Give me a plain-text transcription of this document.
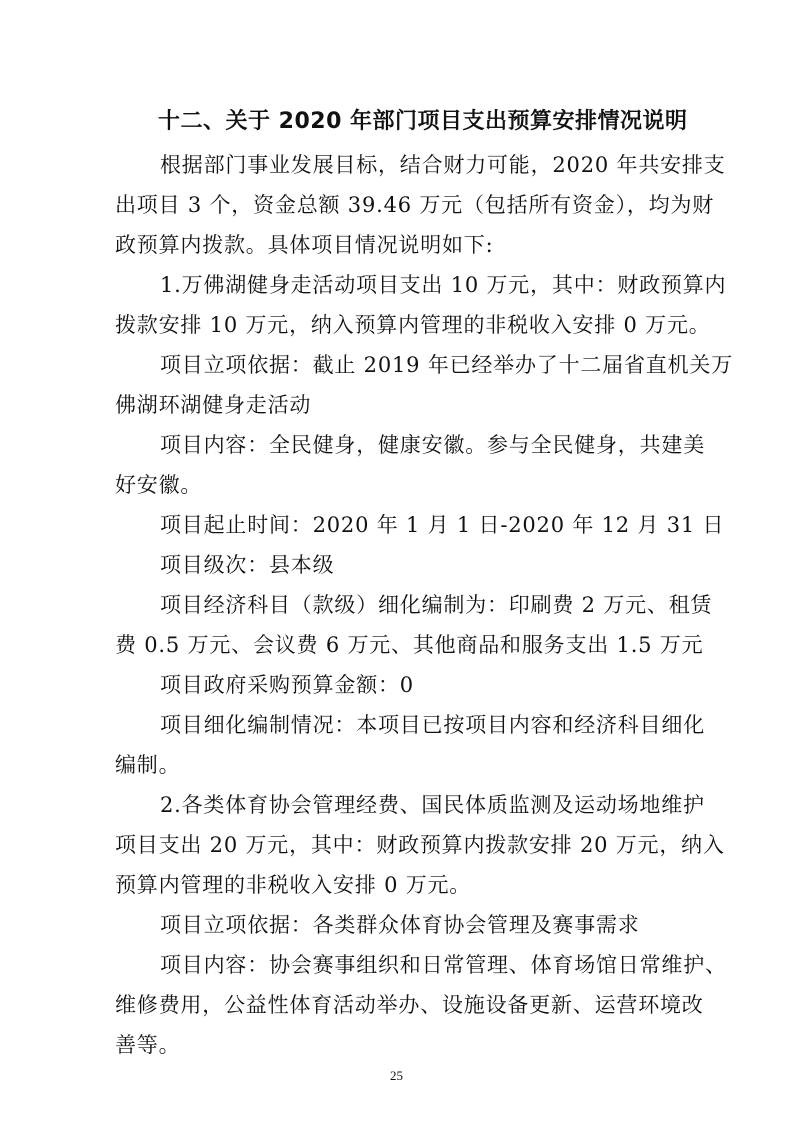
十二、关于 2020 年部门项目支出预算安排情况说明
根据部门事业发展目标，结合财力可能，2020 年共安排支
出项目 3 个，资金总额 39.46 万元（包括所有资金），均为财
政预算内拨款。具体项目情况说明如下:
1.万佛湖健身走活动项目支出 10 万元，其中：财政预算内
拨款安排 10 万元，纳入预算内管理的非税收入安排 0 万元。
项目立项依据：截止 2019 年已经举办了十二届省直机关万
佛湖环湖健身走活动
项目内容：全民健身，健康安徽。参与全民健身，共建美
好安徽。
项目起止时间：2020 年 1 月 1 日-2020 年 12 月 31 日
项目级次：县本级
项目经济科目（款级）细化编制为：印刷费 2 万元、租赁
费 0.5 万元、会议费 6 万元、其他商品和服务支出 1.5 万元
项目政府采购预算金额：0
项目细化编制情况：本项目已按项目内容和经济科目细化
编制。
2.各类体育协会管理经费、国民体质监测及运动场地维护
项目支出 20 万元，其中：财政预算内拨款安排 20 万元，纳入
预算内管理的非税收入安排 0 万元。
项目立项依据：各类群众体育协会管理及赛事需求
项目内容：协会赛事组织和日常管理、体育场馆日常维护、
维修费用，公益性体育活动举办、设施设备更新、运营环境改
善等。
25
